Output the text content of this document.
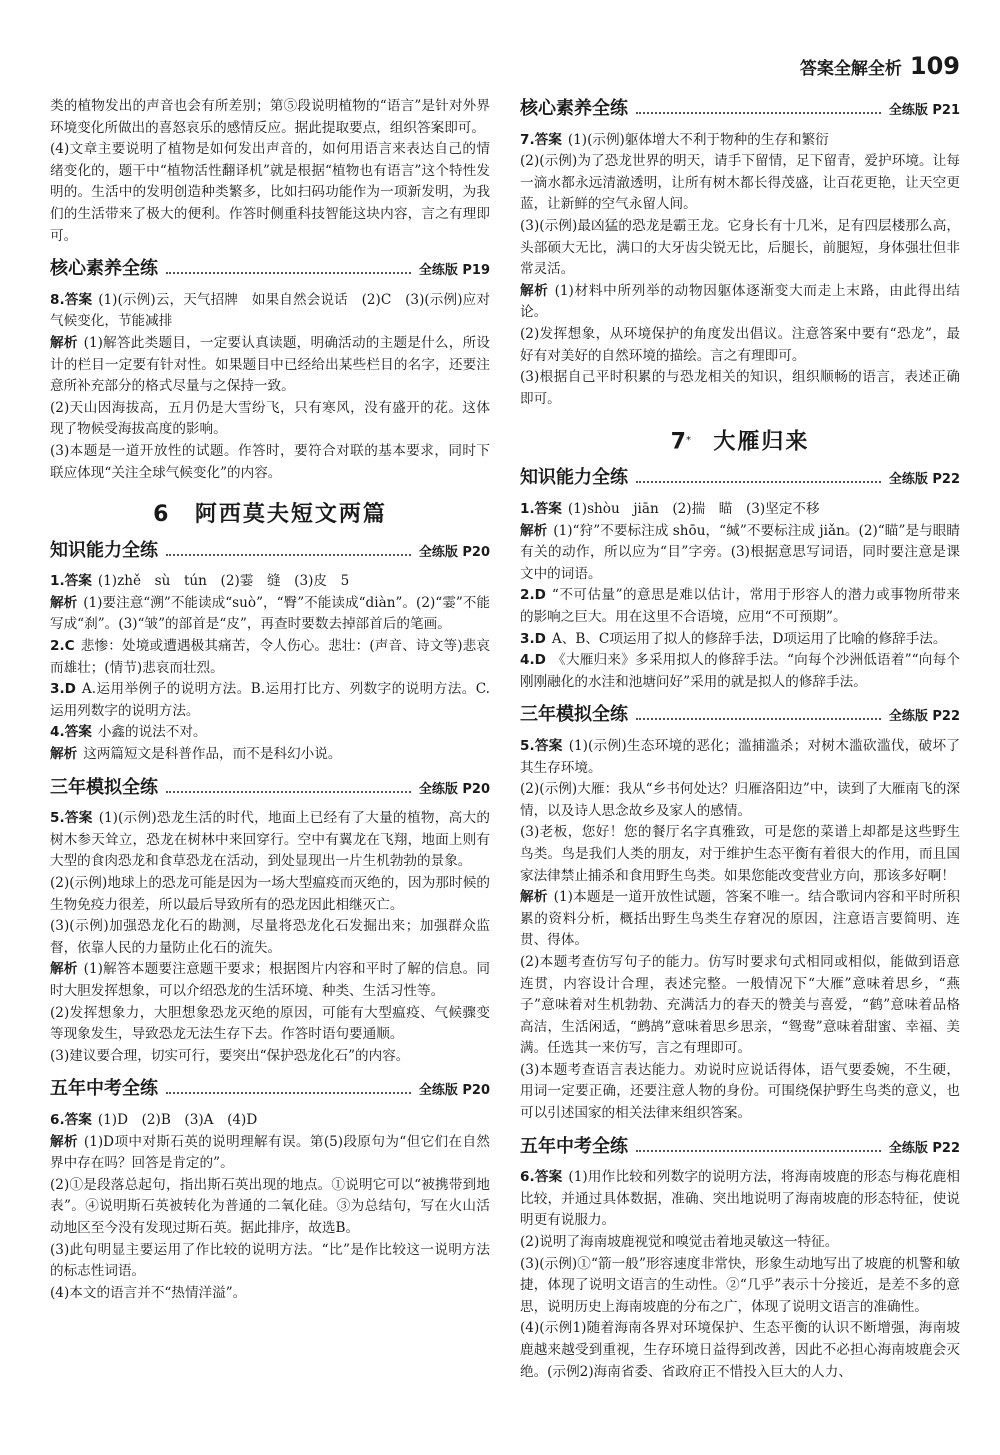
答案全解全析 109

类的植物发出的声音也会有所差别；第⑤段说明植物的“语言”是针对外界环境变化所做出的喜怒哀乐的感情反应。据此提取要点，组织答案即可。

(4)文章主要说明了植物是如何发出声音的，如何用语言来表达自己的情绪变化的，题干中“植物活性翻译机”就是根据“植物也有语言”这个特性发明的。生活中的发明创造种类繁多，比如扫码功能作为一项新发明，为我们的生活带来了极大的便利。作答时侧重科技智能这块内容，言之有理即可。

核心素养全练	全练版 P19

8.答案 (1)(示例)云，天气招牌　如果自然会说话　(2)C　(3)(示例)应对气候变化，节能减排

解析 (1)解答此类题目，一定要认真读题，明确活动的主题是什么，所设计的栏目一定要有针对性。如果题目中已经给出某些栏目的名字，还要注意所补充部分的格式尽量与之保持一致。

(2)天山因海拔高，五月仍是大雪纷飞，只有寒风，没有盛开的花。这体现了物候受海拔高度的影响。

(3)本题是一道开放性的试题。作答时，要符合对联的基本要求，同时下联应体现“关注全球气候变化”的内容。

6 阿西莫夫短文两篇
知识能力全练	全练版 P20

1.答案 (1)zhě　sù　tún　(2)霎　缝　(3)皮　5

解析 (1)要注意“溯”不能读成“suò”，“臀”不能读成“diàn”。(2)“霎”不能写成“刹”。(3)“皱”的部首是“皮”，再查时要数去掉部首后的笔画。

2.C 悲惨：处境或遭遇极其痛苦，令人伤心。悲壮：(声音、诗文等)悲哀而雄壮；(情节)悲哀而壮烈。

3.D A.运用举例子的说明方法。B.运用打比方、列数字的说明方法。C.运用列数字的说明方法。

4.答案 小鑫的说法不对。

解析 这两篇短文是科普作品，而不是科幻小说。

三年模拟全练	全练版 P20

5.答案 (1)(示例)恐龙生活的时代，地面上已经有了大量的植物，高大的树木参天耸立，恐龙在树林中来回穿行。空中有翼龙在飞翔，地面上则有大型的食肉恐龙和食草恐龙在活动，到处显现出一片生机勃勃的景象。

(2)(示例)地球上的恐龙可能是因为一场大型瘟疫而灭绝的，因为那时候的生物免疫力很差，所以最后导致所有的恐龙因此相继灭亡。

(3)(示例)加强恐龙化石的勘测，尽量将恐龙化石发掘出来；加强群众监督，依靠人民的力量防止化石的流失。

解析 (1)解答本题要注意题干要求；根据图片内容和平时了解的信息。同时大胆发挥想象，可以介绍恐龙的生活环境、种类、生活习性等。

(2)发挥想象力，大胆想象恐龙灭绝的原因，可能有大型瘟疫、气候骤变等现象发生，导致恐龙无法生存下去。作答时语句要通顺。

(3)建议要合理，切实可行，要突出“保护恐龙化石”的内容。

五年中考全练	全练版 P20

6.答案 (1)D　(2)B　(3)A　(4)D

解析 (1)D项中对斯石英的说明理解有误。第(5)段原句为“但它们在自然界中存在吗？回答是肯定的”。

(2)①是段落总起句，指出斯石英出现的地点。①说明它可以“被携带到地表”。④说明斯石英被转化为普通的二氧化硅。③为总结句，写在火山活动地区至今没有发现过斯石英。据此排序，故选B。

(3)此句明显主要运用了作比较的说明方法。“比”是作比较这一说明方法的标志性词语。

(4)本文的语言并不“热情洋溢”。

核心素养全练	全练版 P21

7.答案 (1)(示例)躯体增大不利于物种的生存和繁衍

(2)(示例)为了恐龙世界的明天，请手下留情，足下留青，爱护环境。让每一滴水都永远清澈透明，让所有树木都长得茂盛，让百花更艳，让天空更蓝，让新鲜的空气永留人间。

(3)(示例)最凶猛的恐龙是霸王龙。它身长有十几米，足有四层楼那么高，头部硕大无比，满口的大牙齿尖锐无比，后腿长，前腿短，身体强壮但非常灵活。

解析 (1)材料中所列举的动物因躯体逐渐变大而走上末路，由此得出结论。

(2)发挥想象，从环境保护的角度发出倡议。注意答案中要有“恐龙”，最好有对美好的自然环境的描绘。言之有理即可。

(3)根据自己平时积累的与恐龙相关的知识，组织顺畅的语言，表述正确即可。

7* 大雁归来
知识能力全练	全练版 P22

1.答案 (1)shòu　jiān　(2)揣　瞄　(3)坚定不移

解析 (1)“狩”不要标注成 shōu，“缄”不要标注成 jiǎn。(2)“瞄”是与眼睛有关的动作，所以应为“目”字旁。(3)根据意思写词语，同时要注意是课文中的词语。

2.D “不可估量”的意思是难以估计，常用于形容人的潜力或事物所带来的影响之巨大。用在这里不合语境，应用“不可预期”。

3.D A、B、C项运用了拟人的修辞手法，D项运用了比喻的修辞手法。

4.D 《大雁归来》多采用拟人的修辞手法。“向每个沙洲低语着”“向每个刚刚融化的水洼和池塘问好”采用的就是拟人的修辞手法。

三年模拟全练	全练版 P22

5.答案 (1)(示例)生态环境的恶化；滥捕滥杀；对树木滥砍滥伐，破坏了其生存环境。

(2)(示例)大雁：我从“乡书何处达？归雁洛阳边”中，读到了大雁南飞的深情，以及诗人思念故乡及家人的感情。

(3)老板，您好！您的餐厅名字真雅致，可是您的菜谱上却都是这些野生鸟类。鸟是我们人类的朋友，对于维护生态平衡有着很大的作用，而且国家法律禁止捕杀和食用野生鸟类。如果您能改变营业方向，那该多好啊！

解析 (1)本题是一道开放性试题，答案不唯一。结合歌词内容和平时所积累的资料分析，概括出野生鸟类生存窘况的原因，注意语言要简明、连贯、得体。

(2)本题考查仿写句子的能力。仿写时要求句式相同或相似，能做到语意连贯，内容设计合理，表述完整。一般情况下“大雁”意味着思乡，“燕子”意味着对生机勃勃、充满活力的春天的赞美与喜爱，“鹤”意味着品格高洁，生活闲适，“鹧鸪”意味着思乡思亲，“鸳鸯”意味着甜蜜、幸福、美满。任选其一来仿写，言之有理即可。

(3)本题考查语言表达能力。劝说时应说话得体，语气要委婉，不生硬，用词一定要正确，还要注意人物的身份。可围绕保护野生鸟类的意义，也可以引述国家的相关法律来组织答案。

五年中考全练	全练版 P22

6.答案 (1)用作比较和列数字的说明方法，将海南坡鹿的形态与梅花鹿相比较，并通过具体数据，准确、突出地说明了海南坡鹿的形态特征，使说明更有说服力。

(2)说明了海南坡鹿视觉和嗅觉击着地灵敏这一特征。

(3)(示例)①“箭一般”形容速度非常快，形象生动地写出了坡鹿的机警和敏捷，体现了说明文语言的生动性。②“几乎”表示十分接近，是差不多的意思，说明历史上海南坡鹿的分布之广，体现了说明文语言的准确性。

(4)(示例1)随着海南各界对环境保护、生态平衡的认识不断增强，海南坡鹿越来越受到重视，生存环境日益得到改善，因此不必担心海南坡鹿会灭绝。(示例2)海南省委、省政府正不惜投入巨大的人力、
